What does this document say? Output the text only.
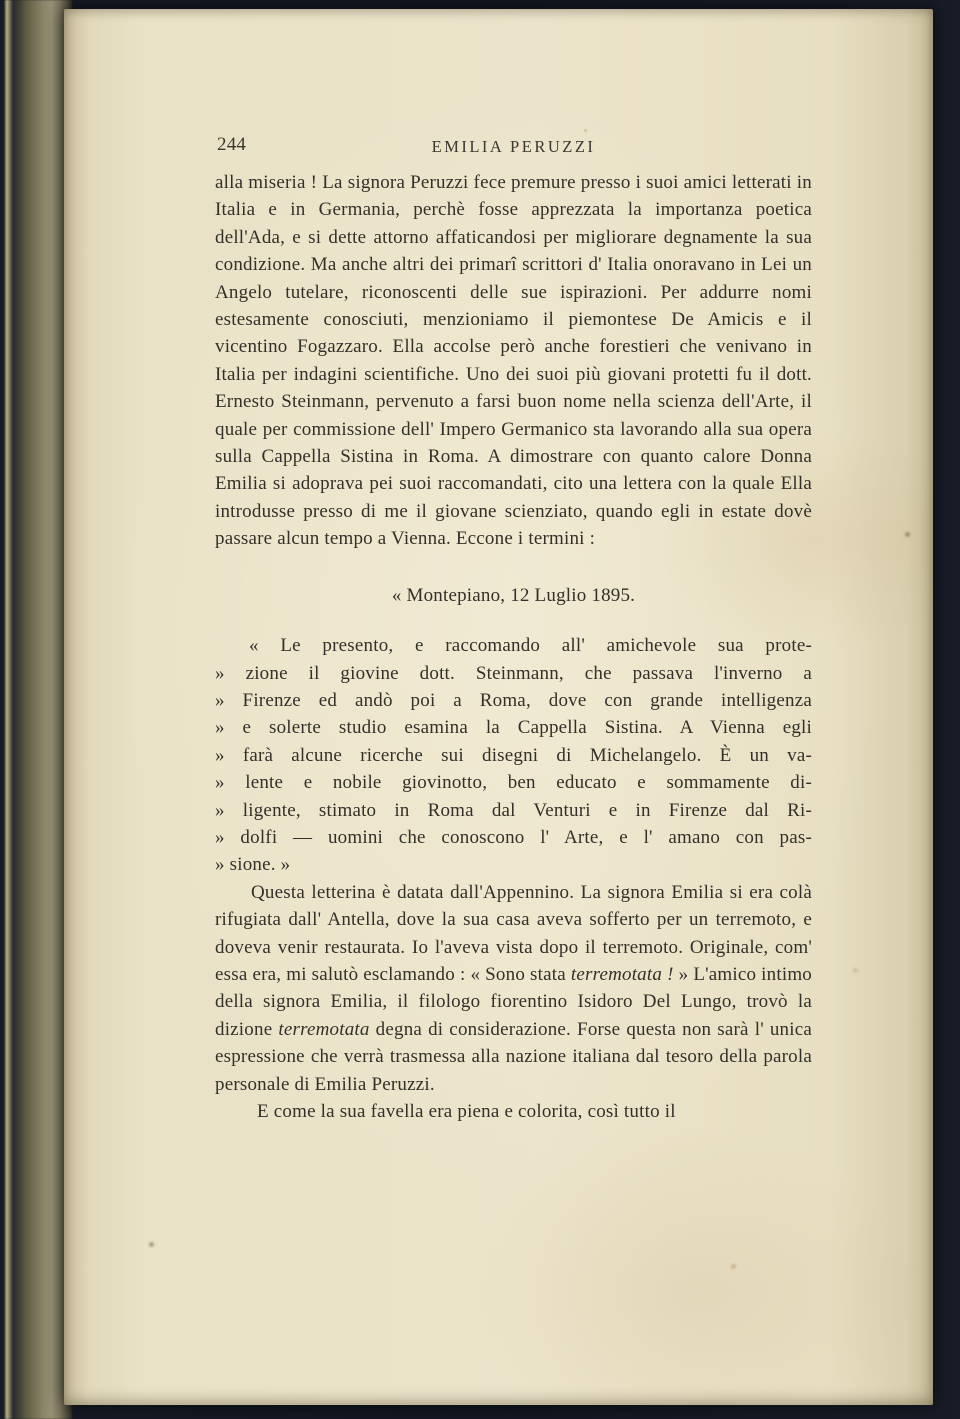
244	EMILIA PERUZZI

alla miseria ! La signora Peruzzi fece premure presso i suoi amici letterati in Italia e in Germania, perchè fosse apprezzata la importanza poetica dell'Ada, e si dette attorno affaticandosi per migliorare degnamente la sua condizione. Ma anche altri dei primarî scrittori d' Italia onoravano in Lei un Angelo tutelare, riconoscenti delle sue ispirazioni. Per addurre nomi estesamente conosciuti, menzioniamo il piemontese De Amicis e il vicentino Fogazzaro. Ella accolse però anche forestieri che venivano in Italia per indagini scientifiche. Uno dei suoi più giovani protetti fu il dott. Ernesto Steinmann, pervenuto a farsi buon nome nella scienza dell'Arte, il quale per commissione dell' Impero Germanico sta lavorando alla sua opera sulla Cappella Sistina in Roma. A dimostrare con quanto calore Donna Emilia si adoprava pei suoi raccomandati, cito una lettera con la quale Ella introdusse presso di me il giovane scienziato, quando egli in estate dovè passare alcun tempo a Vienna. Eccone i termini :

« Montepiano, 12 Luglio 1895.

« Le presento, e raccomando all' amichevole sua prote-
» zione il giovine dott. Steinmann, che passava l'inverno a
» Firenze ed andò poi a Roma, dove con grande intelligenza
» e solerte studio esamina la Cappella Sistina. A Vienna egli
» farà alcune ricerche sui disegni di Michelangelo. È un va-
» lente e nobile giovinotto, ben educato e sommamente di-
» ligente, stimato in Roma dal Venturi e in Firenze dal Ri-
» dolfi — uomini che conoscono l' Arte, e l' amano con pas-
» sione. »

Questa letterina è datata dall'Appennino. La signora Emilia si era colà rifugiata dall' Antella, dove la sua casa aveva sofferto per un terremoto, e doveva venir restaurata. Io l'aveva vista dopo il terremoto. Originale, com' essa era, mi salutò esclamando : « Sono stata terremotata ! » L'amico intimo della signora Emilia, il filologo fiorentino Isidoro Del Lungo, trovò la dizione terremotata degna di considerazione. Forse questa non sarà l' unica espressione che verrà trasmessa alla nazione italiana dal tesoro della parola personale di Emilia Peruzzi.

E come la sua favella era piena e colorita, così tutto il
